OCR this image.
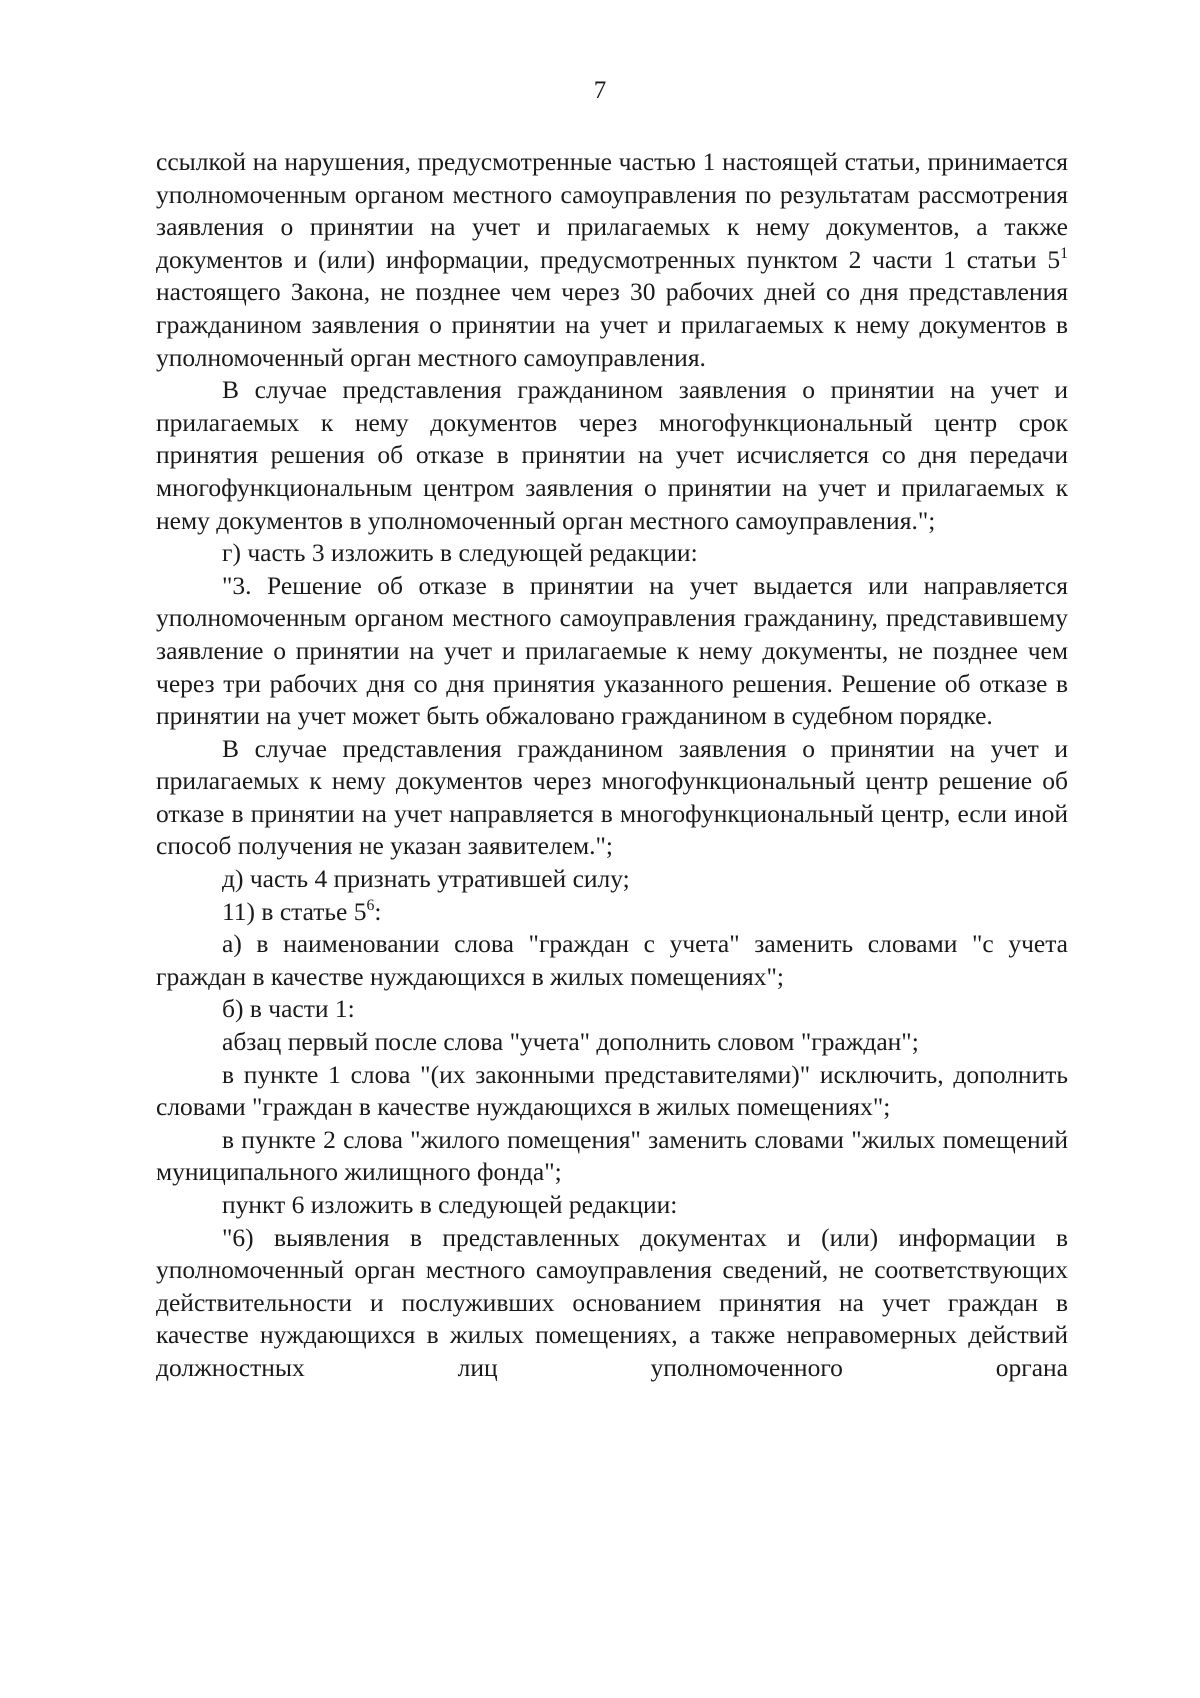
7

ссылкой на нарушения, предусмотренные частью 1 настоящей статьи, принимается уполномоченным органом местного самоуправления по результатам рассмотрения заявления о принятии на учет и прилагаемых к нему документов, а также документов и (или) информации, предусмотренных пунктом 2 части 1 статьи $5^1$ настоящего Закона, не позднее чем через 30 рабочих дней со дня представления гражданином заявления о принятии на учет и прилагаемых к нему документов в уполномоченный орган местного самоуправления.

В случае представления гражданином заявления о принятии на учет и прилагаемых к нему документов через многофункциональный центр срок принятия решения об отказе в принятии на учет исчисляется со дня передачи многофункциональным центром заявления о принятии на учет и прилагаемых к нему документов в уполномоченный орган местного самоуправления.";

г) часть 3 изложить в следующей редакции:

"3. Решение об отказе в принятии на учет выдается или направляется уполномоченным органом местного самоуправления гражданину, представившему заявление о принятии на учет и прилагаемые к нему документы, не позднее чем через три рабочих дня со дня принятия указанного решения. Решение об отказе в принятии на учет может быть обжаловано гражданином в судебном порядке.

В случае представления гражданином заявления о принятии на учет и прилагаемых к нему документов через многофункциональный центр решение об отказе в принятии на учет направляется в многофункциональный центр, если иной способ получения не указан заявителем.";

д) часть 4 признать утратившей силу;

11) в статье $5^6$:

а) в наименовании слова "граждан с учета" заменить словами "с учета граждан в качестве нуждающихся в жилых помещениях";

б) в части 1:

абзац первый после слова "учета" дополнить словом "граждан";

в пункте 1 слова "(их законными представителями)" исключить, дополнить словами "граждан в качестве нуждающихся в жилых помещениях";

в пункте 2 слова "жилого помещения" заменить словами "жилых помещений муниципального жилищного фонда";

пункт 6 изложить в следующей редакции:

"6) выявления в представленных документах и (или) информации в уполномоченный орган местного самоуправления сведений, не соответствующих действительности и послуживших основанием принятия на учет граждан в качестве нуждающихся в жилых помещениях, а также неправомерных действий должностных лиц уполномоченного органа
